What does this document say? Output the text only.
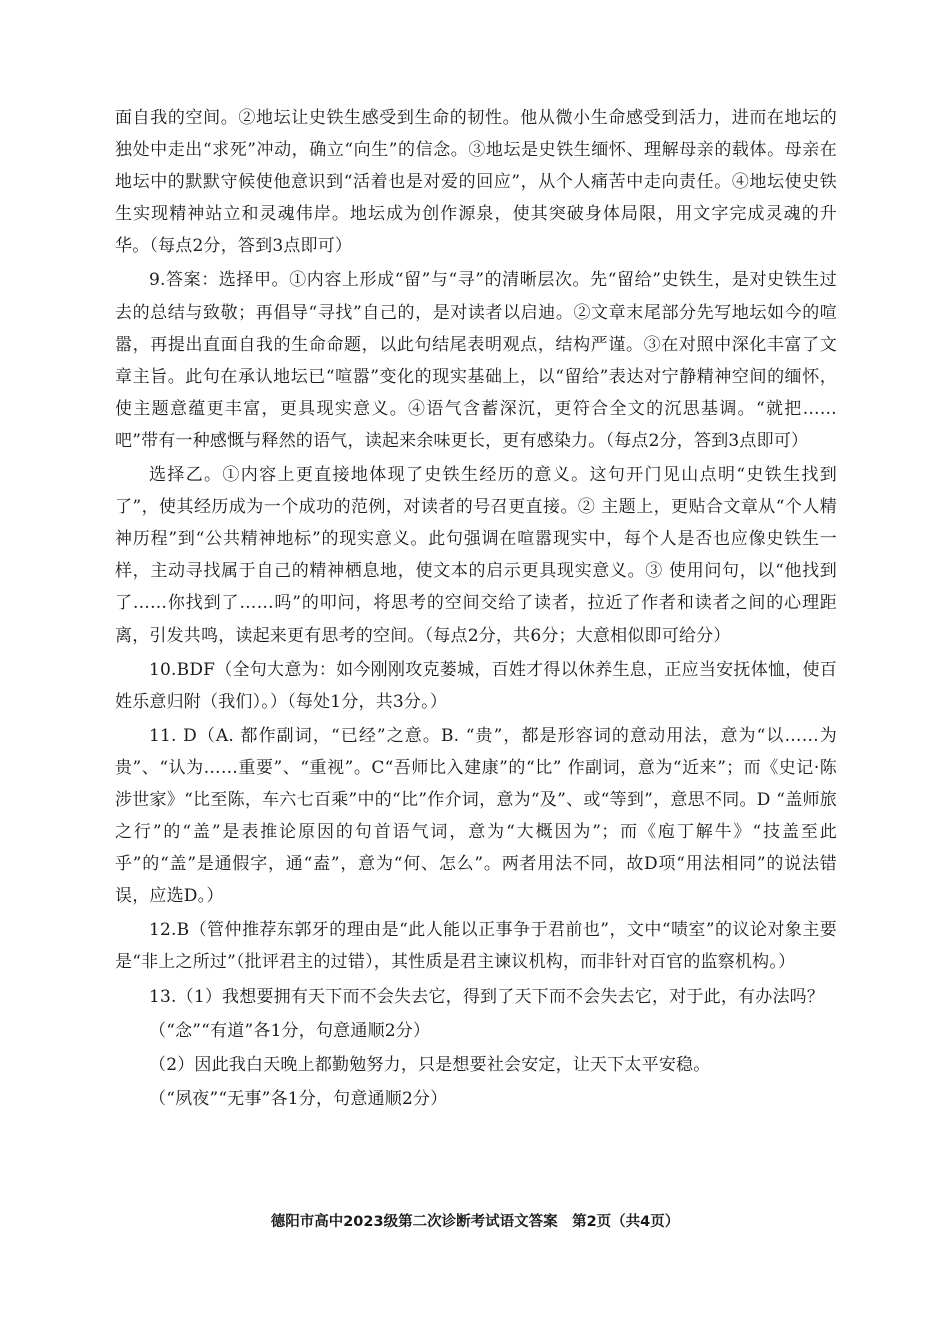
面自我的空间。②地坛让史铁生感受到生命的韧性。他从微小生命感受到活力，进而在地坛的独处中走出“求死”冲动，确立“向生”的信念。③地坛是史铁生缅怀、理解母亲的载体。母亲在地坛中的默默守候使他意识到“活着也是对爱的回应”，从个人痛苦中走向责任。④地坛使史铁生实现精神站立和灵魂伟岸。地坛成为创作源泉，使其突破身体局限，用文字完成灵魂的升华。（每点2分，答到3点即可）

9.答案：选择甲。①内容上形成“留”与“寻”的清晰层次。先“留给”史铁生，是对史铁生过去的总结与致敬；再倡导“寻找”自己的，是对读者以启迪。②文章末尾部分先写地坛如今的喧嚣，再提出直面自我的生命命题，以此句结尾表明观点，结构严谨。③在对照中深化丰富了文章主旨。此句在承认地坛已“喧嚣”变化的现实基础上，以“留给”表达对宁静精神空间的缅怀，使主题意蕴更丰富，更具现实意义。④语气含蓄深沉，更符合全文的沉思基调。“就把……吧”带有一种感慨与释然的语气，读起来余味更长，更有感染力。（每点2分，答到3点即可）

选择乙。①内容上更直接地体现了史铁生经历的意义。这句开门见山点明“史铁生找到了”，使其经历成为一个成功的范例，对读者的号召更直接。② 主题上，更贴合文章从“个人精神历程”到“公共精神地标”的现实意义。此句强调在喧嚣现实中，每个人是否也应像史铁生一样，主动寻找属于自己的精神栖息地，使文本的启示更具现实意义。③ 使用问句，以“他找到了……你找到了……吗”的叩问，将思考的空间交给了读者，拉近了作者和读者之间的心理距离，引发共鸣，读起来更有思考的空间。（每点2分，共6分；大意相似即可给分）

10.BDF（全句大意为：如今刚刚攻克蒌城，百姓才得以休养生息，正应当安抚体恤，使百姓乐意归附（我们）。）（每处1分，共3分。）

11. D（A. 都作副词，“已经”之意。B. “贵”，都是形容词的意动用法，意为“以……为贵”、“认为……重要”、“重视”。C“吾师比入建康”的“比” 作副词，意为“近来”；而《史记·陈涉世家》“比至陈，车六七百乘”中的“比”作介词，意为“及”、或“等到”，意思不同。D “盖师旅之行”的“盖”是表推论原因的句首语气词，意为“大概因为”；而《庖丁解牛》“技盖至此乎”的“盖”是通假字，通“盍”，意为“何、怎么”。两者用法不同，故D项“用法相同”的说法错误，应选D。）

12.B（管仲推荐东郭牙的理由是“此人能以正事争于君前也”，文中“啧室”的议论对象主要是“非上之所过”（批评君主的过错），其性质是君主谏议机构，而非针对百官的监察机构。）

13.（1）我想要拥有天下而不会失去它，得到了天下而不会失去它，对于此，有办法吗？

（“念”“有道”各1分，句意通顺2分）

（2）因此我白天晚上都勤勉努力，只是想要社会安定，让天下太平安稳。

（“夙夜”“无事”各1分，句意通顺2分）

德阳市高中2023级第二次诊断考试语文答案　第2页（共4页）
